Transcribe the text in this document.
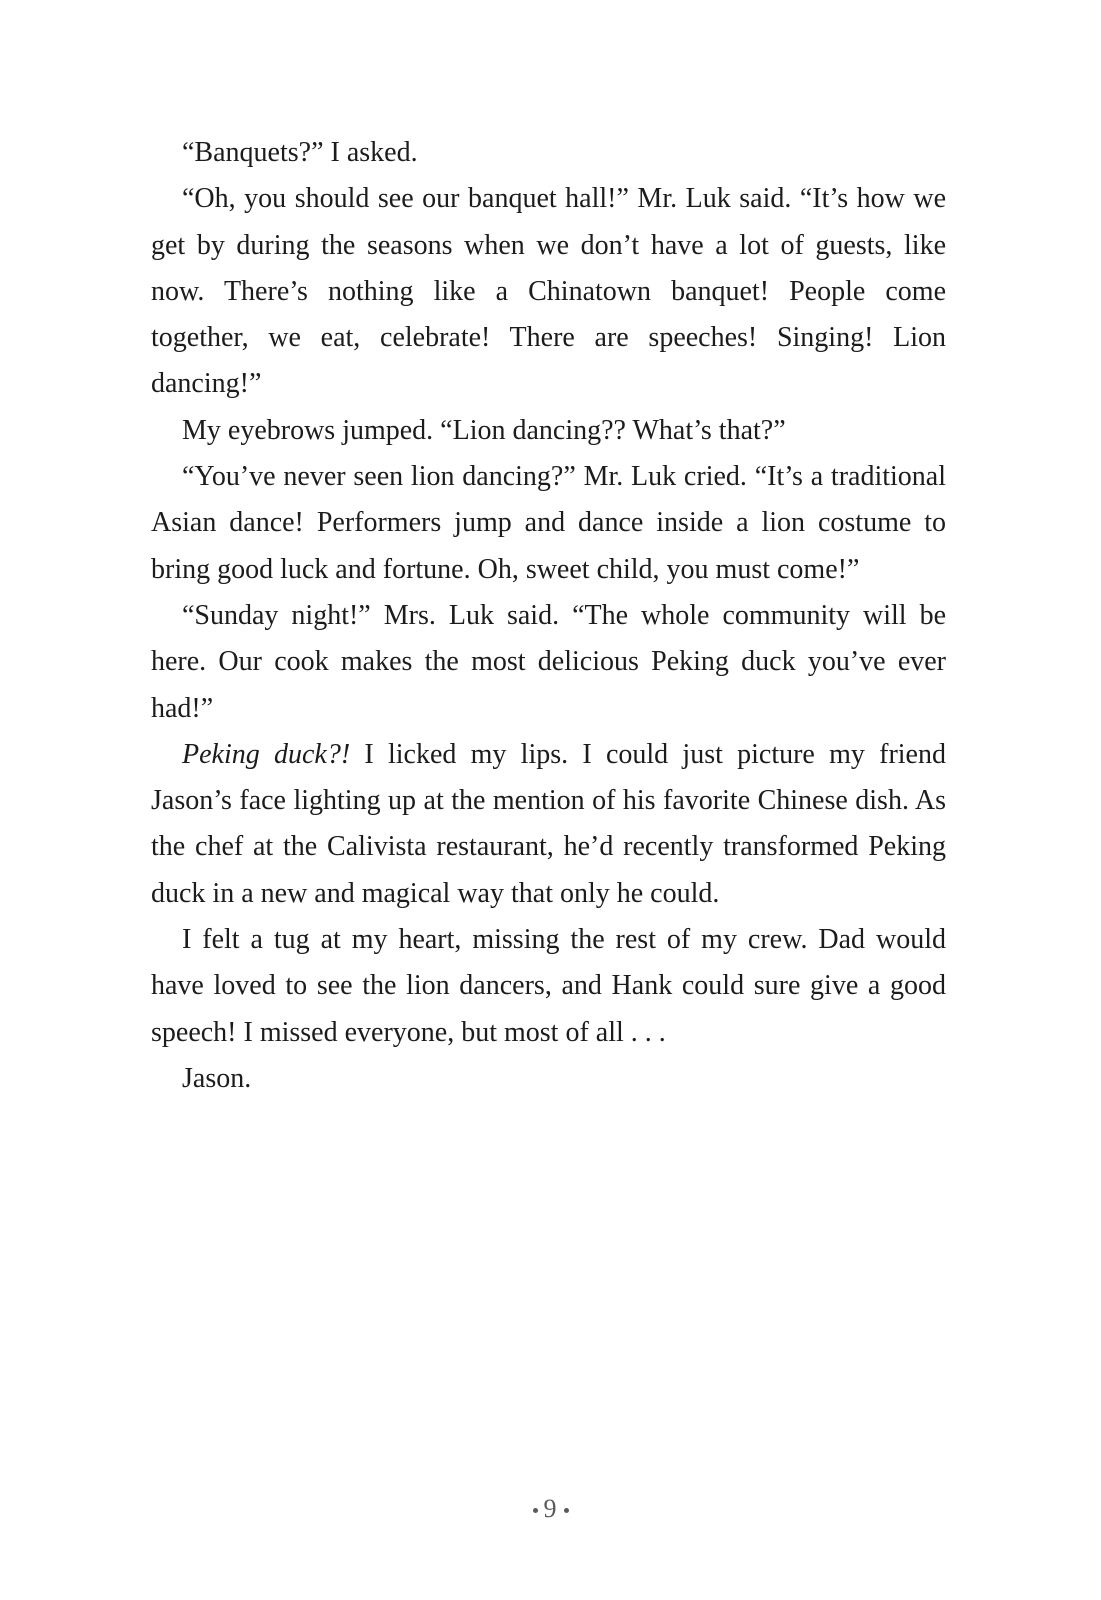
“Banquets?” I asked.

“Oh, you should see our banquet hall!” Mr. Luk said. “It’s how we get by during the seasons when we don’t have a lot of guests, like now. There’s nothing like a Chinatown banquet! People come together, we eat, celebrate! There are speeches! Singing! Lion dancing!”

My eyebrows jumped. “Lion dancing?? What’s that?”

“You’ve never seen lion dancing?” Mr. Luk cried. “It’s a traditional Asian dance! Performers jump and dance inside a lion costume to bring good luck and fortune. Oh, sweet child, you must come!”

“Sunday night!” Mrs. Luk said. “The whole community will be here. Our cook makes the most delicious Peking duck you’ve ever had!”

Peking duck?! I licked my lips. I could just picture my friend Jason’s face lighting up at the mention of his favorite Chinese dish. As the chef at the Calivista restaurant, he’d recently transformed Peking duck in a new and magical way that only he could.

I felt a tug at my heart, missing the rest of my crew. Dad would have loved to see the lion dancers, and Hank could sure give a good speech! I missed everyone, but most of all . . .

Jason.

9
